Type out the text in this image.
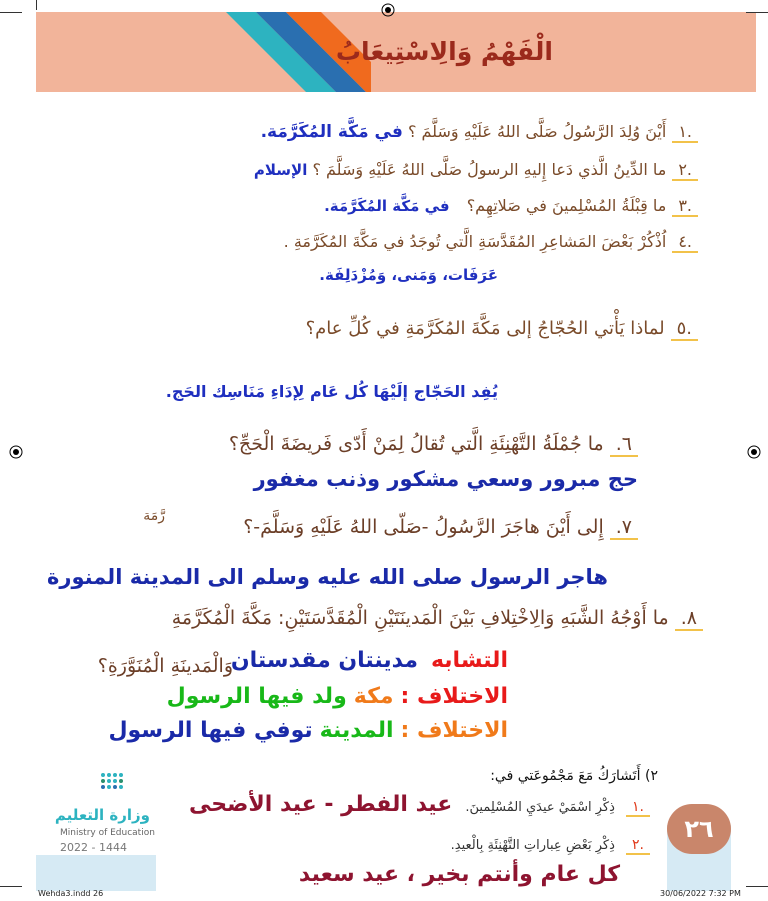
الْفَهْمُ وَالِاسْتِيعَابُ
.١أَيْنَ وُلِدَ الرَّسُولُ صَلَّى اللهُ عَلَيْهِ وَسَلَّمَ ؟ في مَكَّة المُكَرَّمَة.
.٢ما الدِّينُ الَّذي دَعا إِليهِ الرسولُ صَلَّى اللهُ عَلَيْهِ وَسَلَّمَ ؟ الإسلام
.٣ما قِبْلَةُ المُسْلِمينَ في صَلاتِهِم؟ في مَكَّة المُكَرَّمَة.
.٤اُذْكُرْ بَعْضَ المَشاعِرِ المُقَدَّسَةِ الَّتي تُوجَدُ في مَكَّةَ المُكَرَّمَةِ .
عَرَفَات، وَمَنى، وَمُزْدَلِفَة.
.٥لماذا يَأْتي الحُجّاجُ إلى مَكَّةَ المُكَرَّمَةِ في كُلِّ عام؟
يُفِد الحَجّاج إلَيْهَا كُل عَام لِإدَاءِ مَنَاسِك الحَج.
٦.ما جُمْلَةُ التَّهْنِئَةِ الَّتي تُقالُ لِمَنْ أَدّى فَريضَةَ الْحَجِّ؟
حج مبرور وسعي مشكور وذنب مغفور
رَّمَة	٧.إِلى أَيْنَ هاجَرَ الرَّسُولُ -صَلّى اللهُ عَلَيْهِ وَسَلَّمَ-؟
هاجر الرسول صلى الله عليه وسلم الى المدينة المنورة
٨.ما أَوْجُهُ الشَّبَهِ وَالِاخْتِلافِ بَيْنَ الْمَدينَتَيْنِ الْمُقَدَّسَتَيْنِ: مَكَّةَ الْمُكَرَّمَةِ
وَالْمَدينَةِ الْمُنَوَّرَةِ؟	التشابه مدينتان مقدستان
الاختلاف : مكة ولد فيها الرسول
الاختلاف : المدينة توفي فيها الرسول
٢٦
٢) أَتَشارَكُ مَعَ مَجْمُوعَتي في:
.١ ذِكْرِ اسْمَيْ عيدَيِ المُسْلِمينَ. عيد الفطر - عيد الأضحى
.٢ ذِكْرِ بَعْضِ عِباراتِ التَّهْنِئَةِ بِالْعيدِ.
كل عام وأنتم بخير ، عيد سعيد

وزارة التعليم
Ministry of Education
2022 - 1444
Wehda3.indd 26	30/06/2022 7:32 PM
